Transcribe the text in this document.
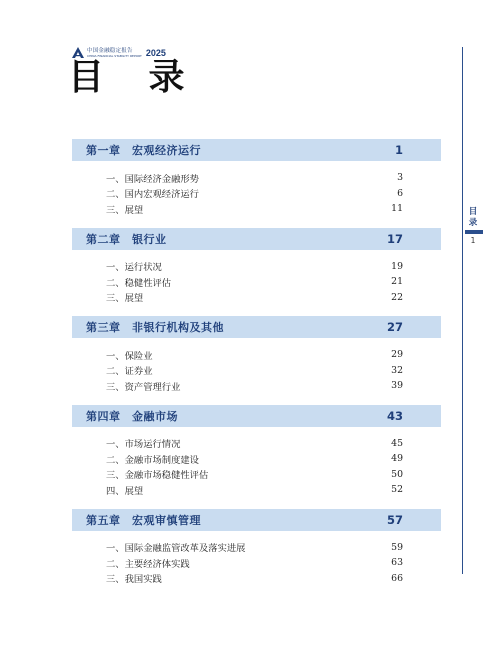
中国金融稳定报告
CHINA FINANCIAL STABILITY REPORT 2025
目 录
第一章　宏观经济运行	1
一、国际经济金融形势	3
二、国内宏观经济运行	6
三、展望	11
第二章　银行业	17
一、运行状况	19
二、稳健性评估	21
三、展望	22
第三章　非银行机构及其他	27
一、保险业	29
二、证券业	32
三、资产管理行业	39
第四章　金融市场	43
一、市场运行情况	45
二、金融市场制度建设	49
三、金融市场稳健性评估	50
四、展望	52
第五章　宏观审慎管理	57
一、国际金融监管改革及落实进展	59
二、主要经济体实践	63
三、我国实践	66
目
录
1
